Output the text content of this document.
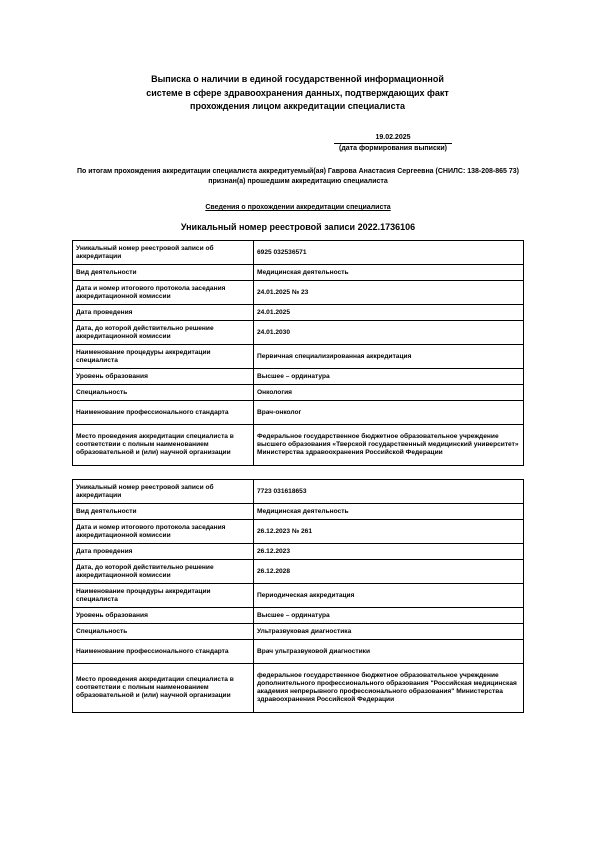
Выписка о наличии в единой государственной информационной
системе в сфере здравоохранения данных, подтверждающих факт
прохождения лицом аккредитации специалиста
19.02.2025
(дата формирования выписки)
По итогам прохождения аккредитации специалиста аккредитуемый(ая) Гаврова Анастасия Сергеевна (СНИЛС: 138-208-865 73) признан(а) прошедшим аккредитацию специалиста
Сведения о прохождении аккредитации специалиста
Уникальный номер реестровой записи 2022.1736106
Уникальный номер реестровой записи об аккредитации	6925 032536571
Вид деятельности	Медицинская деятельность
Дата и номер итогового протокола заседания аккредитационной комиссии	24.01.2025 № 23
Дата проведения	24.01.2025
Дата, до которой действительно решение аккредитационной комиссии	24.01.2030
Наименование процедуры аккредитации специалиста	Первичная специализированная аккредитация
Уровень образования	Высшее – ординатура
Специальность	Онкология
Наименование профессионального стандарта	Врач-онколог
Место проведения аккредитации специалиста в соответствии с полным наименованием образовательной и (или) научной организации	Федеральное государственное бюджетное образовательное учреждение высшего образования «Тверской государственный медицинский университет» Министерства здравоохранения Российской Федерации
Уникальный номер реестровой записи об аккредитации	7723 031618653
Вид деятельности	Медицинская деятельность
Дата и номер итогового протокола заседания аккредитационной комиссии	26.12.2023 № 261
Дата проведения	26.12.2023
Дата, до которой действительно решение аккредитационной комиссии	26.12.2028
Наименование процедуры аккредитации специалиста	Периодическая аккредитация
Уровень образования	Высшее – ординатура
Специальность	Ультразвуковая диагностика
Наименование профессионального стандарта	Врач ультразвуковой диагностики
Место проведения аккредитации специалиста в соответствии с полным наименованием образовательной и (или) научной организации	федеральное государственное бюджетное образовательное учреждение дополнительного профессионального образования "Российская медицинская академия непрерывного профессионального образования" Министерства здравоохранения Российской Федерации
